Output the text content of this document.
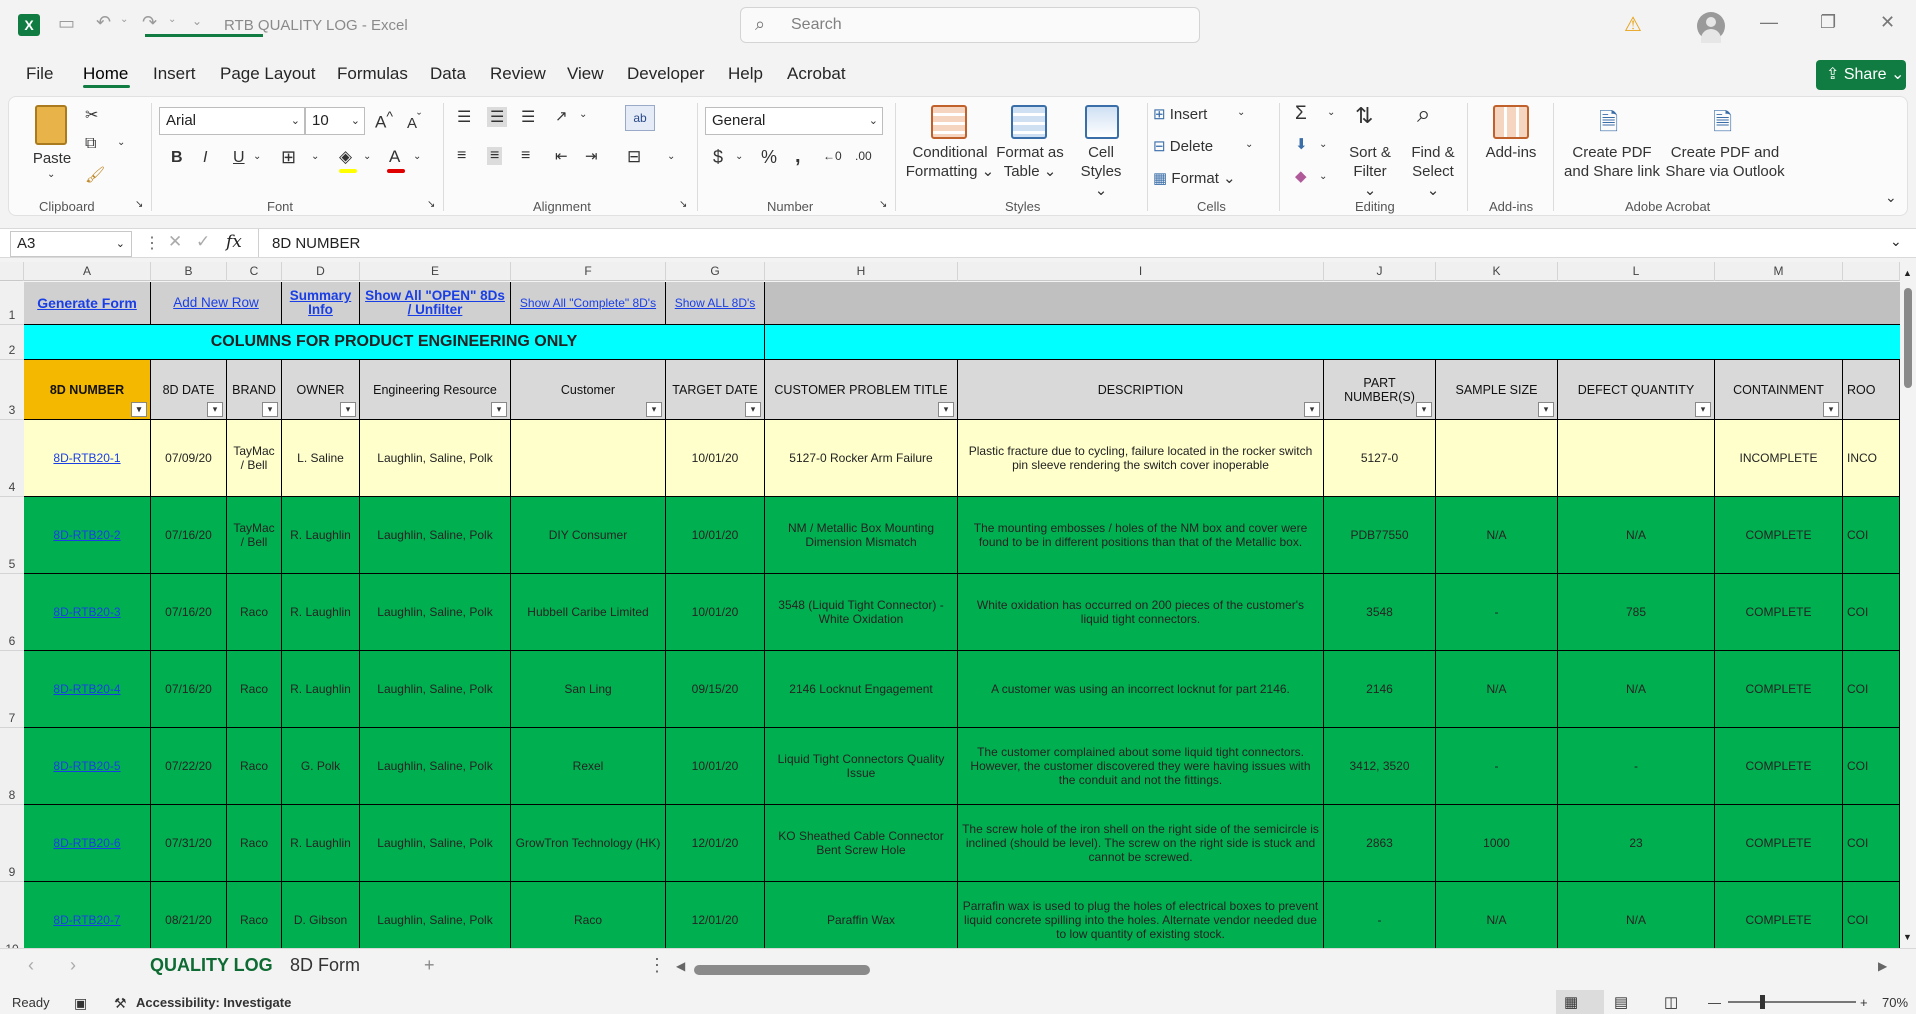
X	▭ ↶ ⌄ ↷ ⌄ ⌄ RTB QUALITY LOG - Excel	⌕ Search	⚠	— ❐ ✕
File Home Insert Page Layout Formulas Data Review View Developer Help Acrobat	⇪ Share ⌄
Paste
⌄
✂
⧉ ⌄
🖌
Clipboard	↘
Arial	⌄ 10 ⌄ A^ $A^ˇ$
B I U ⌄ ⊞ ⌄ ◈ ⌄ A ⌄
Font	↘
☰ ☰ ☰ ↗ ⌄	ab
≡ ≡ ≡ ⇤ ⇥ ⊟	⌄
Alignment	↘
General	⌄
$ ⌄ % , ←0 .00
Number	↘
Conditional
Formatting ⌄
Format as
Table ⌄
Cell
Styles ⌄
Styles
⊞ Insert	⌄
⊟ Delete	⌄
▦ Format ⌄
Cells
Σ ⌄
⬇ ⌄
◆ ⌄
⇅
Sort &
Filter ⌄
⌕
Find &
Select ⌄
Editing
Add-ins
Add-ins
🗎
Create PDF
and Share link
🗎
Create PDF and
Share via Outlook
Adobe Acrobat
⌄
A3	⌄ ⋮ ✕ ✓ fx 8D NUMBER	⌄
A	B	C	D	E	F	G	H	I	J	K	L	M
1
2
3
4
5
6
7
8
9
Generate Form	Add New Row Summary Info
Show All "OPEN" 8Ds / Unfilter	Show All "Complete" 8D's Show ALL 8D's
COLUMNS FOR PRODUCT ENGINEERING ONLY
8D NUMBER
▾
8D DATE
▾
BRAND
▾
OWNER
▾
Engineering Resource
▾
Customer
▾
TARGET DATE
▾
CUSTOMER PROBLEM TITLE
▾
DESCRIPTION
▾
PART NUMBER(S)
▾
SAMPLE SIZE
▾
DEFECT QUANTITY
▾
CONTAINMENT
▾
ROO
8D-RTB20-1	07/09/20	TayMac / Bell	L. Saline	Laughlin, Saline, Polk	10/01/20	5127-0 Rocker Arm Failure	Plastic fracture due to cycling, failure located in the rocker switch pin sleeve rendering the switch cover inoperable	5127-0	INCOMPLETE	INCO
8D-RTB20-2	07/16/20	TayMac / Bell	R. Laughlin	Laughlin, Saline, Polk	DIY Consumer	10/01/20	NM / Metallic Box Mounting Dimension Mismatch
The mounting embosses / holes of the NM box and cover were found to be in different positions than that of the Metallic box.	PDB77550	N/A	N/A	COMPLETE	COI
8D-RTB20-3	07/16/20	Raco	R. Laughlin	Laughlin, Saline, Polk	Hubbell Caribe Limited	10/01/20	3548 (Liquid Tight Connector) - White Oxidation
White oxidation has occurred on 200 pieces of the customer's liquid tight connectors.	3548	-	785	COMPLETE	COI
8D-RTB20-4	07/16/20	Raco	R. Laughlin	Laughlin, Saline, Polk	San Ling	09/15/20	2146 Locknut Engagement	A customer was using an incorrect locknut for part 2146.	2146	N/A	N/A	COMPLETE	COI
8D-RTB20-5	07/22/20	Raco	G. Polk	Laughlin, Saline, Polk	Rexel	10/01/20	Liquid Tight Connectors Quality Issue
The customer complained about some liquid tight connectors. However, the customer discovered they were having issues with the conduit and not the fittings.
3412, 3520	-	-	COMPLETE	COI
8D-RTB20-6	07/31/20	Raco	R. Laughlin	Laughlin, Saline, Polk	GrowTron Technology (HK)	12/01/20	KO Sheathed Cable Connector Bent Screw Hole
The screw hole of the iron shell on the right side of the semicircle is inclined (should be level). The screw on the right side is stuck and cannot be screwed.
2863	1000	23	COMPLETE	COI
8D-RTB20-7	08/21/20	Raco	D. Gibson	Laughlin, Saline, Polk	Raco	12/01/20	Paraffin Wax
Parrafin wax is used to plug the holes of electrical boxes to prevent liquid concrete spilling into the holes. Alternate vendor needed due to low quantity of existing stock.
-	N/A	N/A	COMPLETE	COI
▲
▼
‹ ›	QUALITY LOG 8D Form	+	⋮ ◀	▶
Ready ▣ ⚒ Accessibility: Investigate	▦ ▤ ◫ —	+ 70%
